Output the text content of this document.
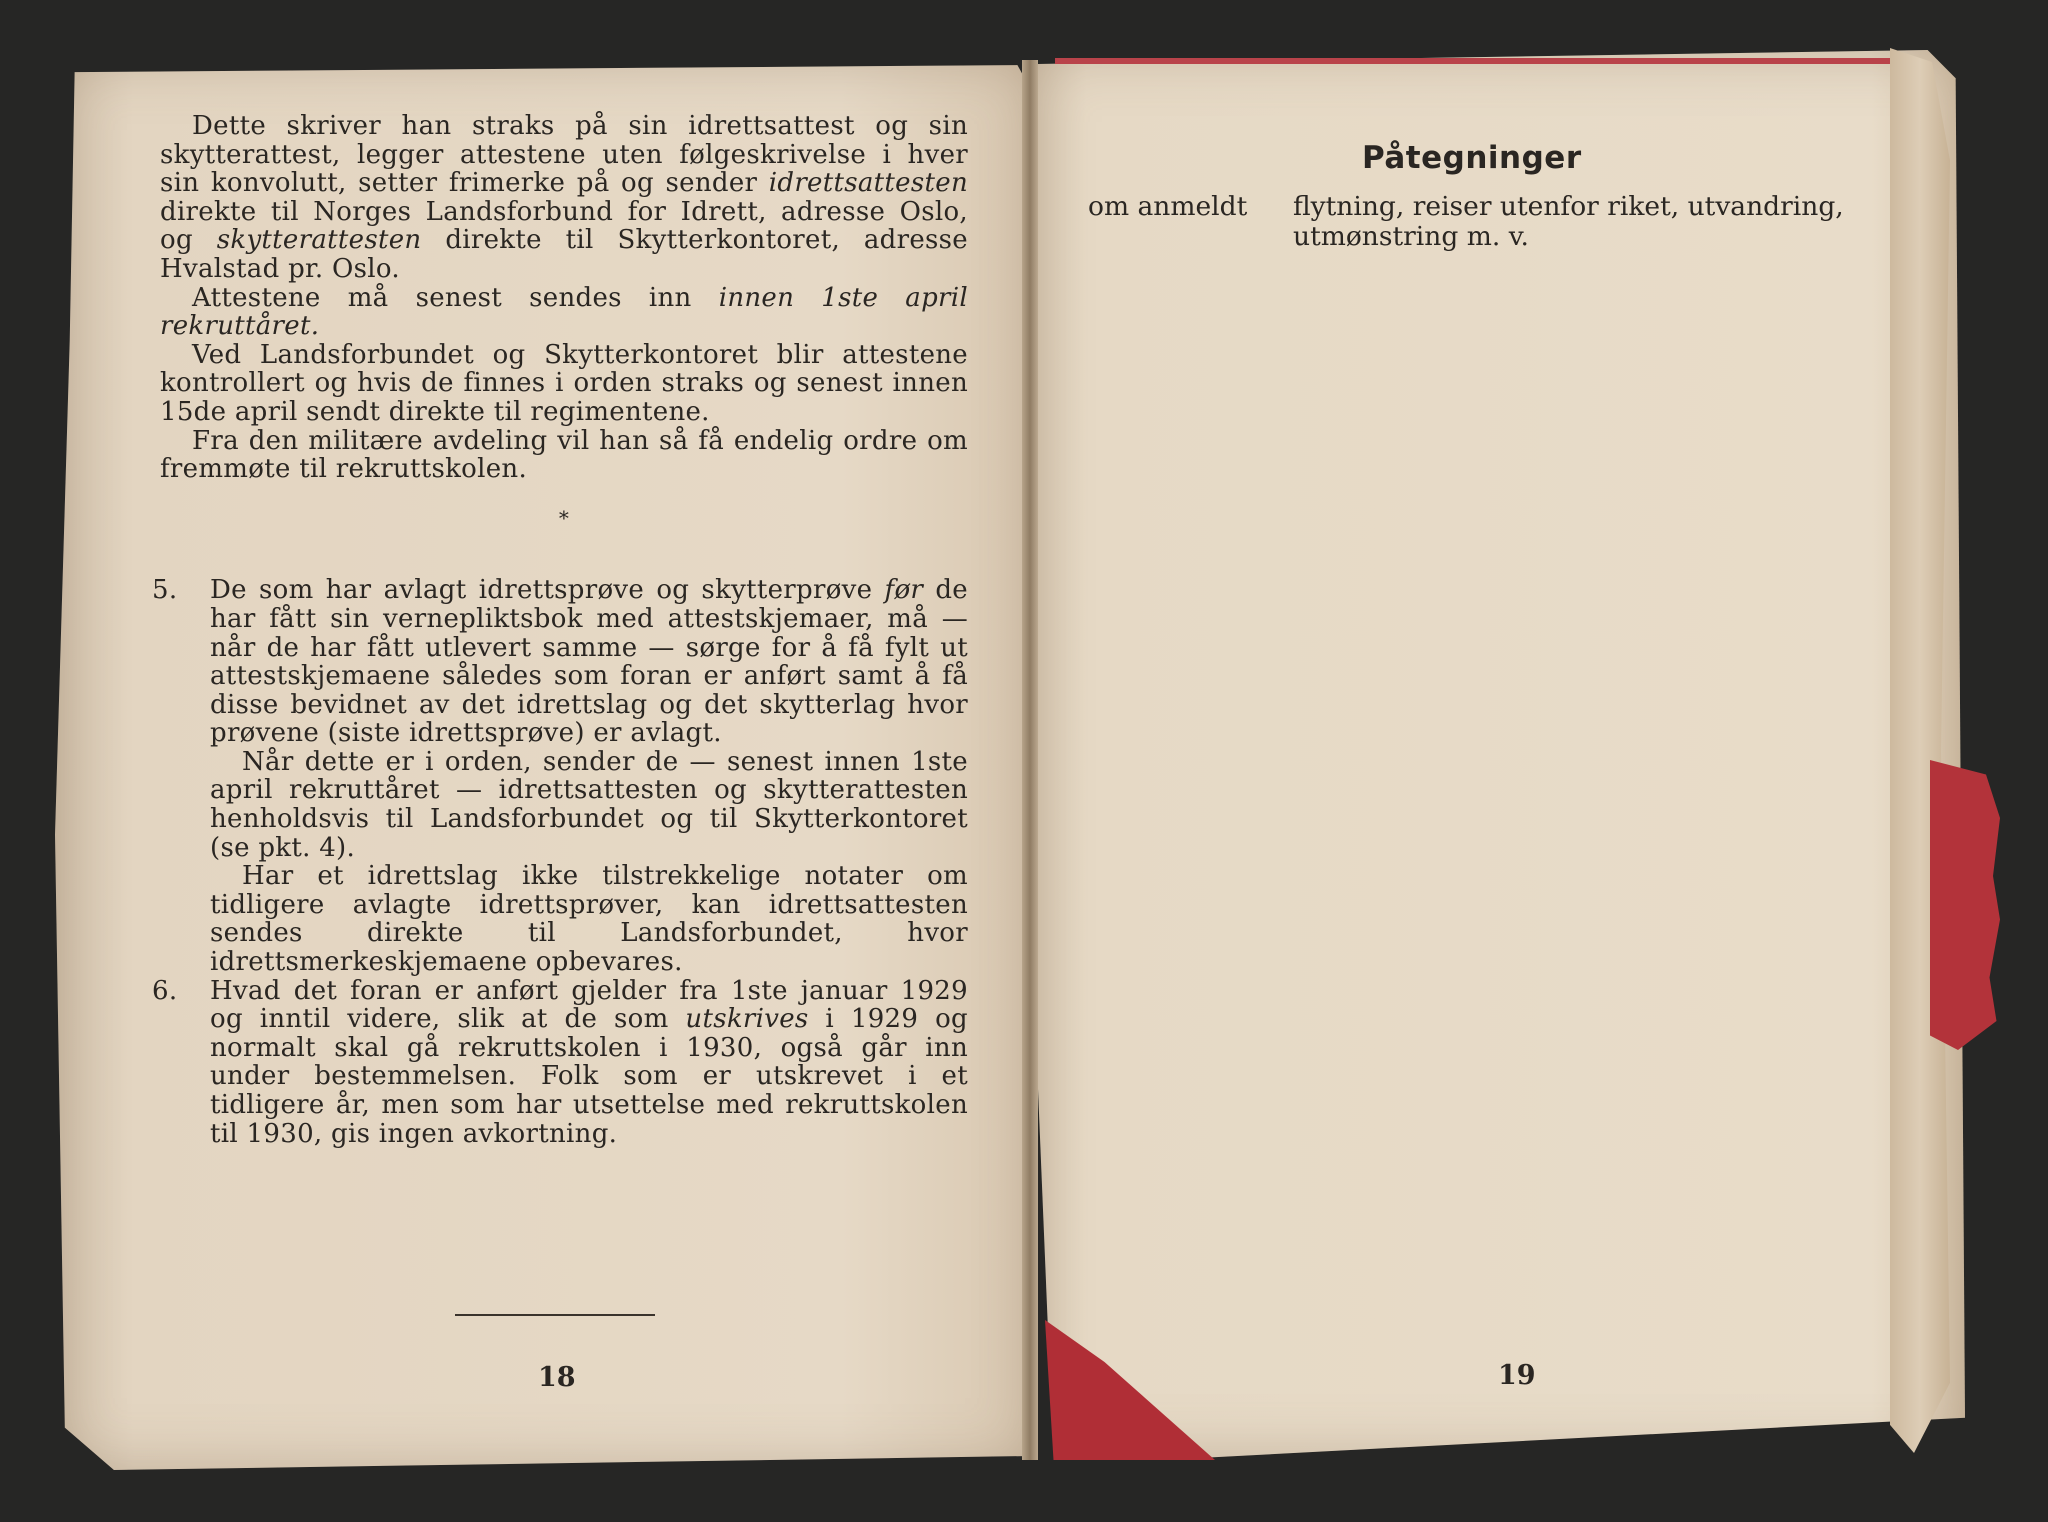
Dette skriver han straks på sin idrettsattest og sin skytterattest, legger attestene uten følgeskrivelse i hver sin konvolutt, setter frimerke på og sender idrettsattesten direkte til Norges Landsforbund for Idrett, adresse Oslo, og skytterattesten direkte til Skytterkontoret, adresse Hvalstad pr. Oslo.

Attestene må senest sendes inn innen 1ste april rekruttåret.

Ved Landsforbundet og Skytterkontoret blir attestene kontrollert og hvis de finnes i orden straks og senest innen 15de april sendt direkte til regimentene.

Fra den militære avdeling vil han så få endelig ordre om fremmøte til rekruttskolen.

*
5. De som har avlagt idrettsprøve og skytterprøve før de har fått sin vernepliktsbok med attestskjemaer, må — når de har fått utlevert samme — sørge for å få fylt ut attestskjemaene således som foran er anført samt å få disse bevidnet av det idrettslag og det skytterlag hvor prøvene (siste idrettsprøve) er avlagt.

Når dette er i orden, sender de — senest innen 1ste april rekruttåret — idrettsattesten og skytterattesten henholdsvis til Landsforbundet og til Skytterkontoret (se pkt. 4).

Har et idrettslag ikke tilstrekkelige notater om tidligere avlagte idrettsprøver, kan idrettsattesten sendes direkte til Landsforbundet, hvor idrettsmerkeskjemaene opbevares.

6. Hvad det foran er anført gjelder fra 1ste januar 1929 og inntil videre, slik at de som utskrives i 1929 og normalt skal gå rekruttskolen i 1930, også går inn under bestemmelsen. Folk som er utskrevet i et tidligere år, men som har utsettelse med rekruttskolen til 1930, gis ingen avkortning.

18
Påtegninger
om anmeldt flytning, reiser utenfor riket, utvandring, utmønstring m. v.
19
